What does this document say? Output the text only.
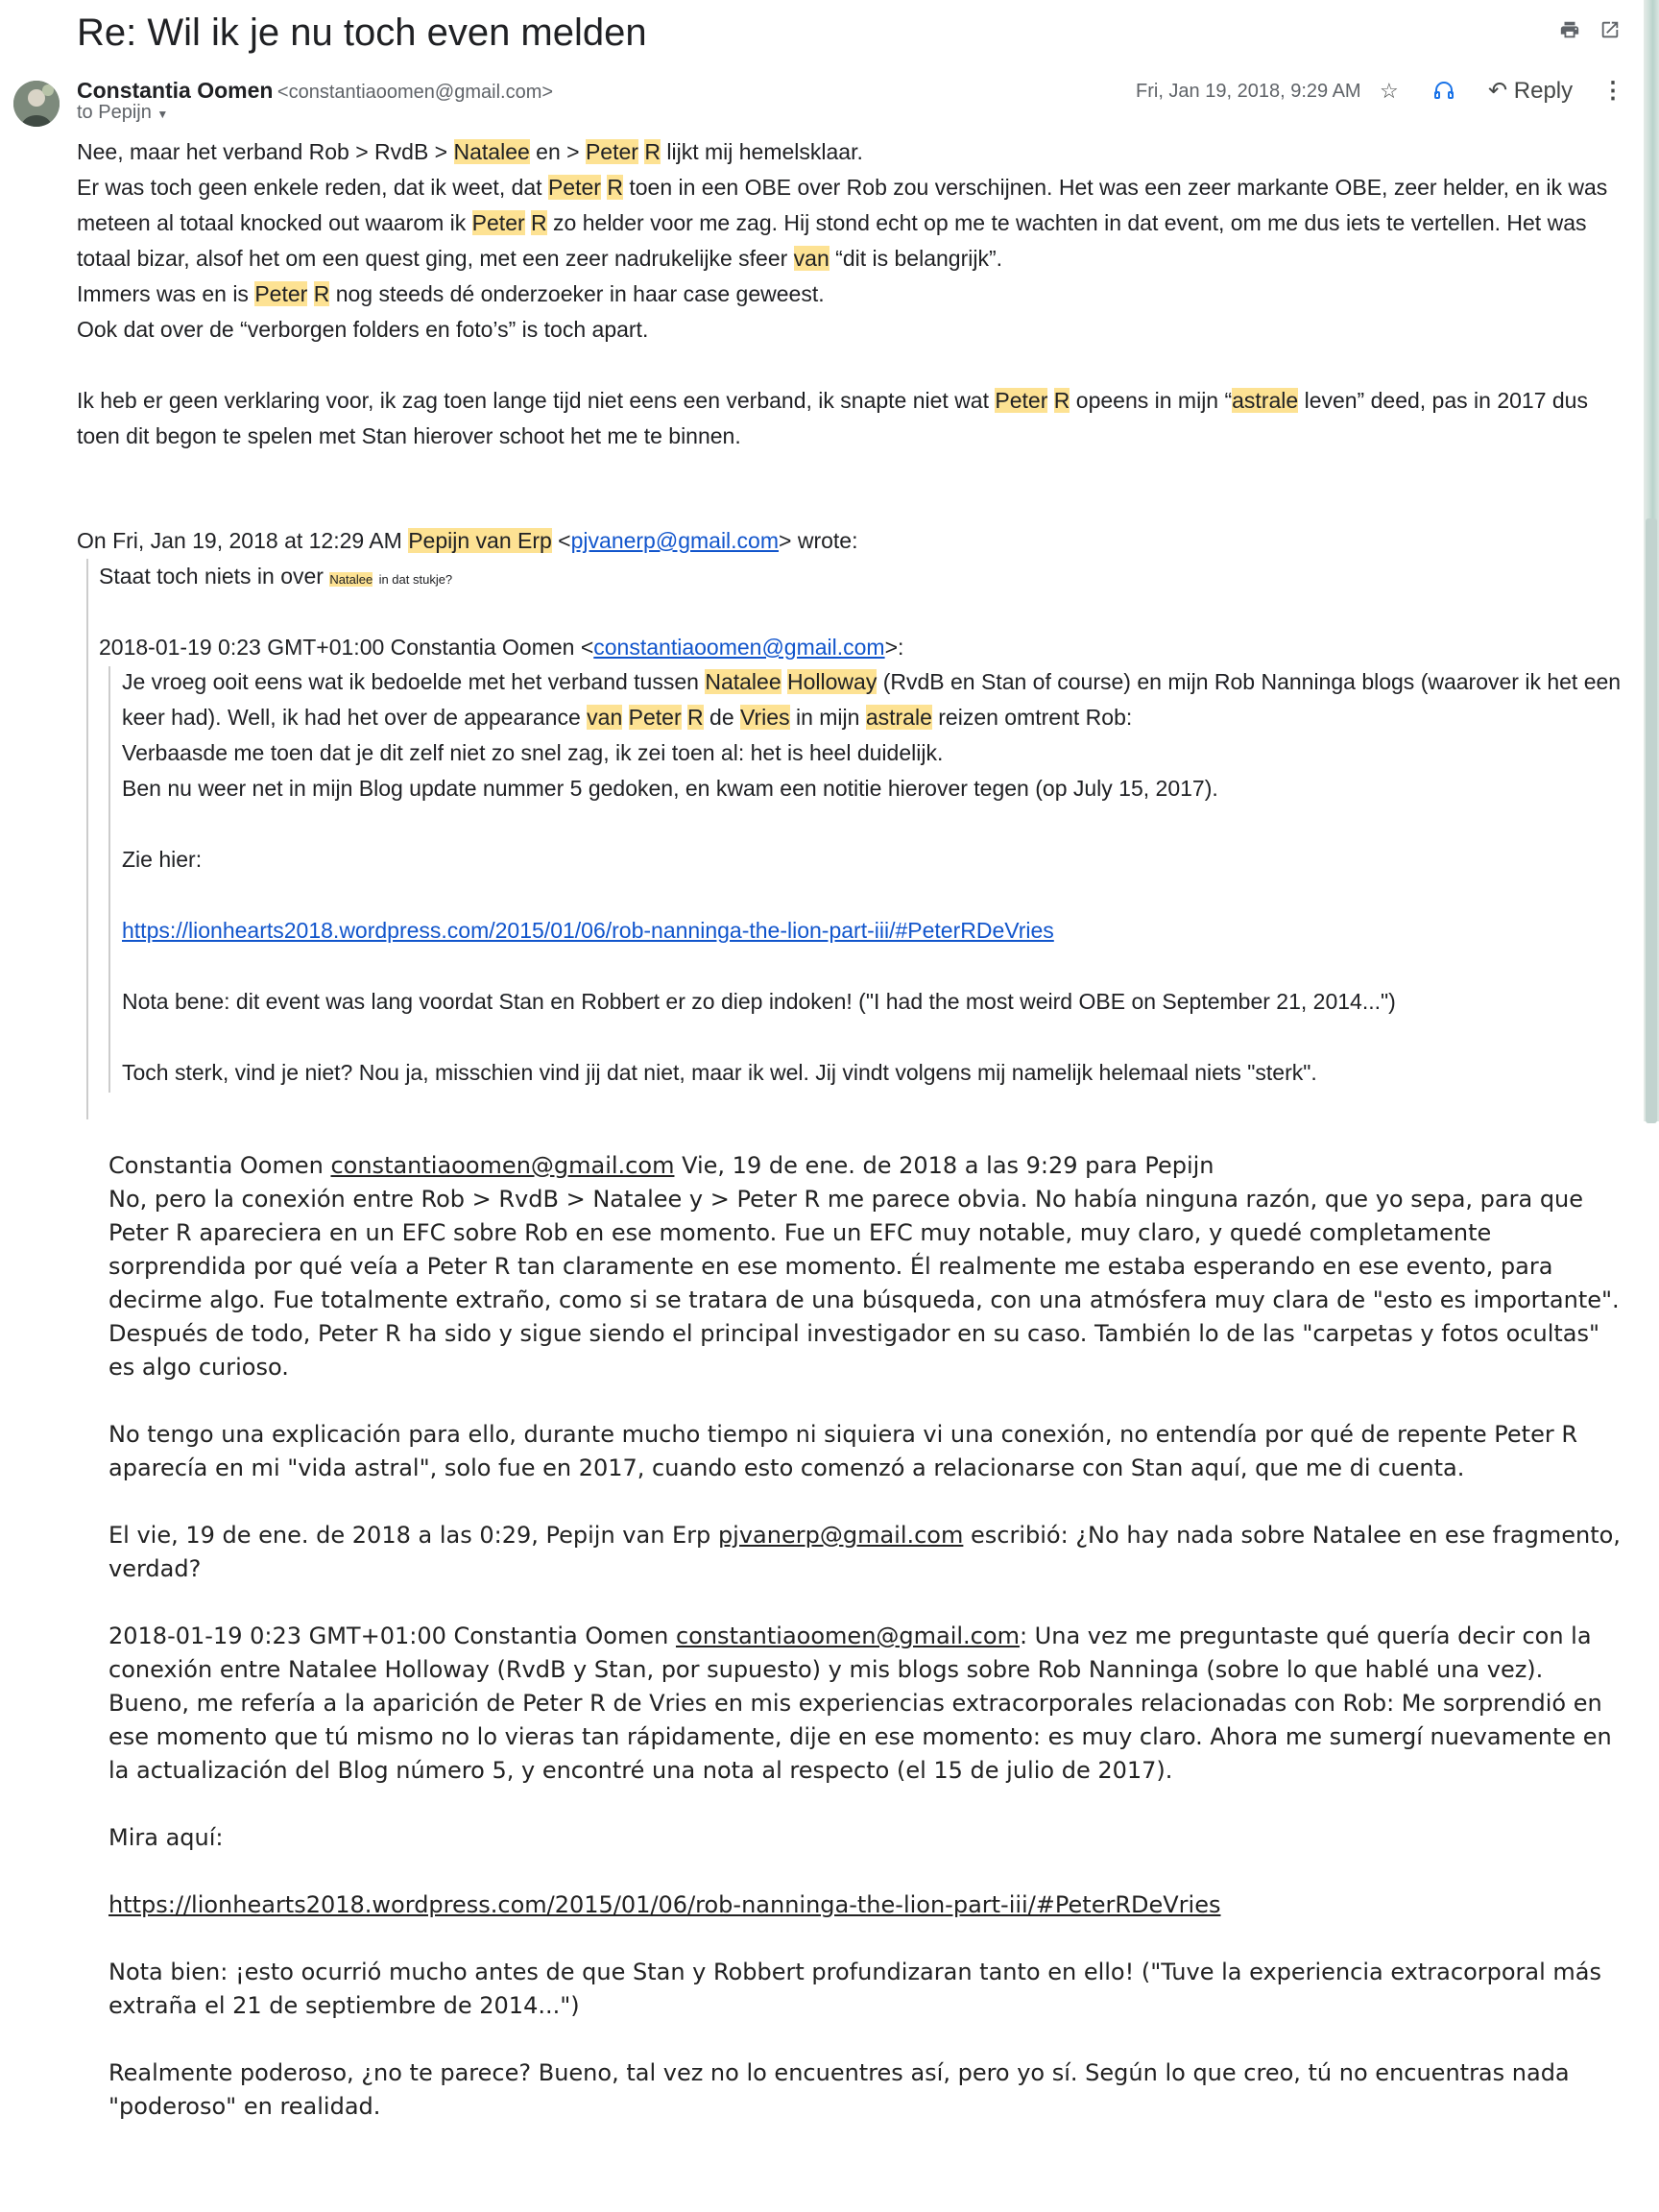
Re: Wil ik je nu toch even melden
Constantia Oomen <constantiaoomen@gmail.com>
to Pepijn ▼
Fri, Jan 19, 2018, 9:29 AM ☆	↶ Reply ⋮
Nee, maar het verband Rob > RvdB > Natalee en > Peter R lijkt mij hemelsklaar.
Er was toch geen enkele reden, dat ik weet, dat Peter R toen in een OBE over Rob zou verschijnen. Het was een zeer markante OBE, zeer helder, en ik was meteen al totaal knocked out waarom ik Peter R zo helder voor me zag. Hij stond echt op me te wachten in dat event, om me dus iets te vertellen. Het was totaal bizar, alsof het om een quest ging, met een zeer nadrukelijke sfeer van “dit is belangrijk”.
Immers was en is Peter R nog steeds dé onderzoeker in haar case geweest.
Ook dat over de “verborgen folders en foto’s” is toch apart.
Ik heb er geen verklaring voor, ik zag toen lange tijd niet eens een verband, ik snapte niet wat Peter R opeens in mijn “astrale leven” deed, pas in 2017 dus toen dit begon te spelen met Stan hierover schoot het me te binnen.
On Fri, Jan 19, 2018 at 12:29 AM Pepijn van Erp <pjvanerp@gmail.com> wrote:
Staat toch niets in over Natalee in dat stukje?
2018-01-19 0:23 GMT+01:00 Constantia Oomen <constantiaoomen@gmail.com>:
Je vroeg ooit eens wat ik bedoelde met het verband tussen Natalee Holloway (RvdB en Stan of course) en mijn Rob Nanninga blogs (waarover ik het een keer had). Well, ik had het over de appearance van Peter R de Vries in mijn astrale reizen omtrent Rob:
Verbaasde me toen dat je dit zelf niet zo snel zag, ik zei toen al: het is heel duidelijk.
Ben nu weer net in mijn Blog update nummer 5 gedoken, en kwam een notitie hierover tegen (op July 15, 2017).
Zie hier:
https://lionhearts2018.wordpress.com/2015/01/06/rob-nanninga-the-lion-part-iii/#PeterRDeVries
Nota bene: dit event was lang voordat Stan en Robbert er zo diep indoken! ("I had the most weird OBE on September 21, 2014...")
Toch sterk, vind je niet? Nou ja, misschien vind jij dat niet, maar ik wel. Jij vindt volgens mij namelijk helemaal niets "sterk".
Constantia Oomen constantiaoomen@gmail.com Vie, 19 de ene. de 2018 a las 9:29 para Pepijn
No, pero la conexión entre Rob > RvdB > Natalee y > Peter R me parece obvia. No había ninguna razón, que yo sepa, para que Peter R apareciera en un EFC sobre Rob en ese momento. Fue un EFC muy notable, muy claro, y quedé completamente sorprendida por qué veía a Peter R tan claramente en ese momento. Él realmente me estaba esperando en ese evento, para decirme algo. Fue totalmente extraño, como si se tratara de una búsqueda, con una atmósfera muy clara de "esto es importante". Después de todo, Peter R ha sido y sigue siendo el principal investigador en su caso. También lo de las "carpetas y fotos ocultas" es algo curioso.
No tengo una explicación para ello, durante mucho tiempo ni siquiera vi una conexión, no entendía por qué de repente Peter R aparecía en mi "vida astral", solo fue en 2017, cuando esto comenzó a relacionarse con Stan aquí, que me di cuenta.
El vie, 19 de ene. de 2018 a las 0:29, Pepijn van Erp pjvanerp@gmail.com escribió: ¿No hay nada sobre Natalee en ese fragmento, verdad?
2018-01-19 0:23 GMT+01:00 Constantia Oomen constantiaoomen@gmail.com: Una vez me preguntaste qué quería decir con la conexión entre Natalee Holloway (RvdB y Stan, por supuesto) y mis blogs sobre Rob Nanninga (sobre lo que hablé una vez). Bueno, me refería a la aparición de Peter R de Vries en mis experiencias extracorporales relacionadas con Rob: Me sorprendió en ese momento que tú mismo no lo vieras tan rápidamente, dije en ese momento: es muy claro. Ahora me sumergí nuevamente en la actualización del Blog número 5, y encontré una nota al respecto (el 15 de julio de 2017).
Mira aquí:
https://lionhearts2018.wordpress.com/2015/01/06/rob-nanninga-the-lion-part-iii/#PeterRDeVries
Nota bien: ¡esto ocurrió mucho antes de que Stan y Robbert profundizaran tanto en ello! ("Tuve la experiencia extracorporal más extraña el 21 de septiembre de 2014...")
Realmente poderoso, ¿no te parece? Bueno, tal vez no lo encuentres así, pero yo sí. Según lo que creo, tú no encuentras nada "poderoso" en realidad.
